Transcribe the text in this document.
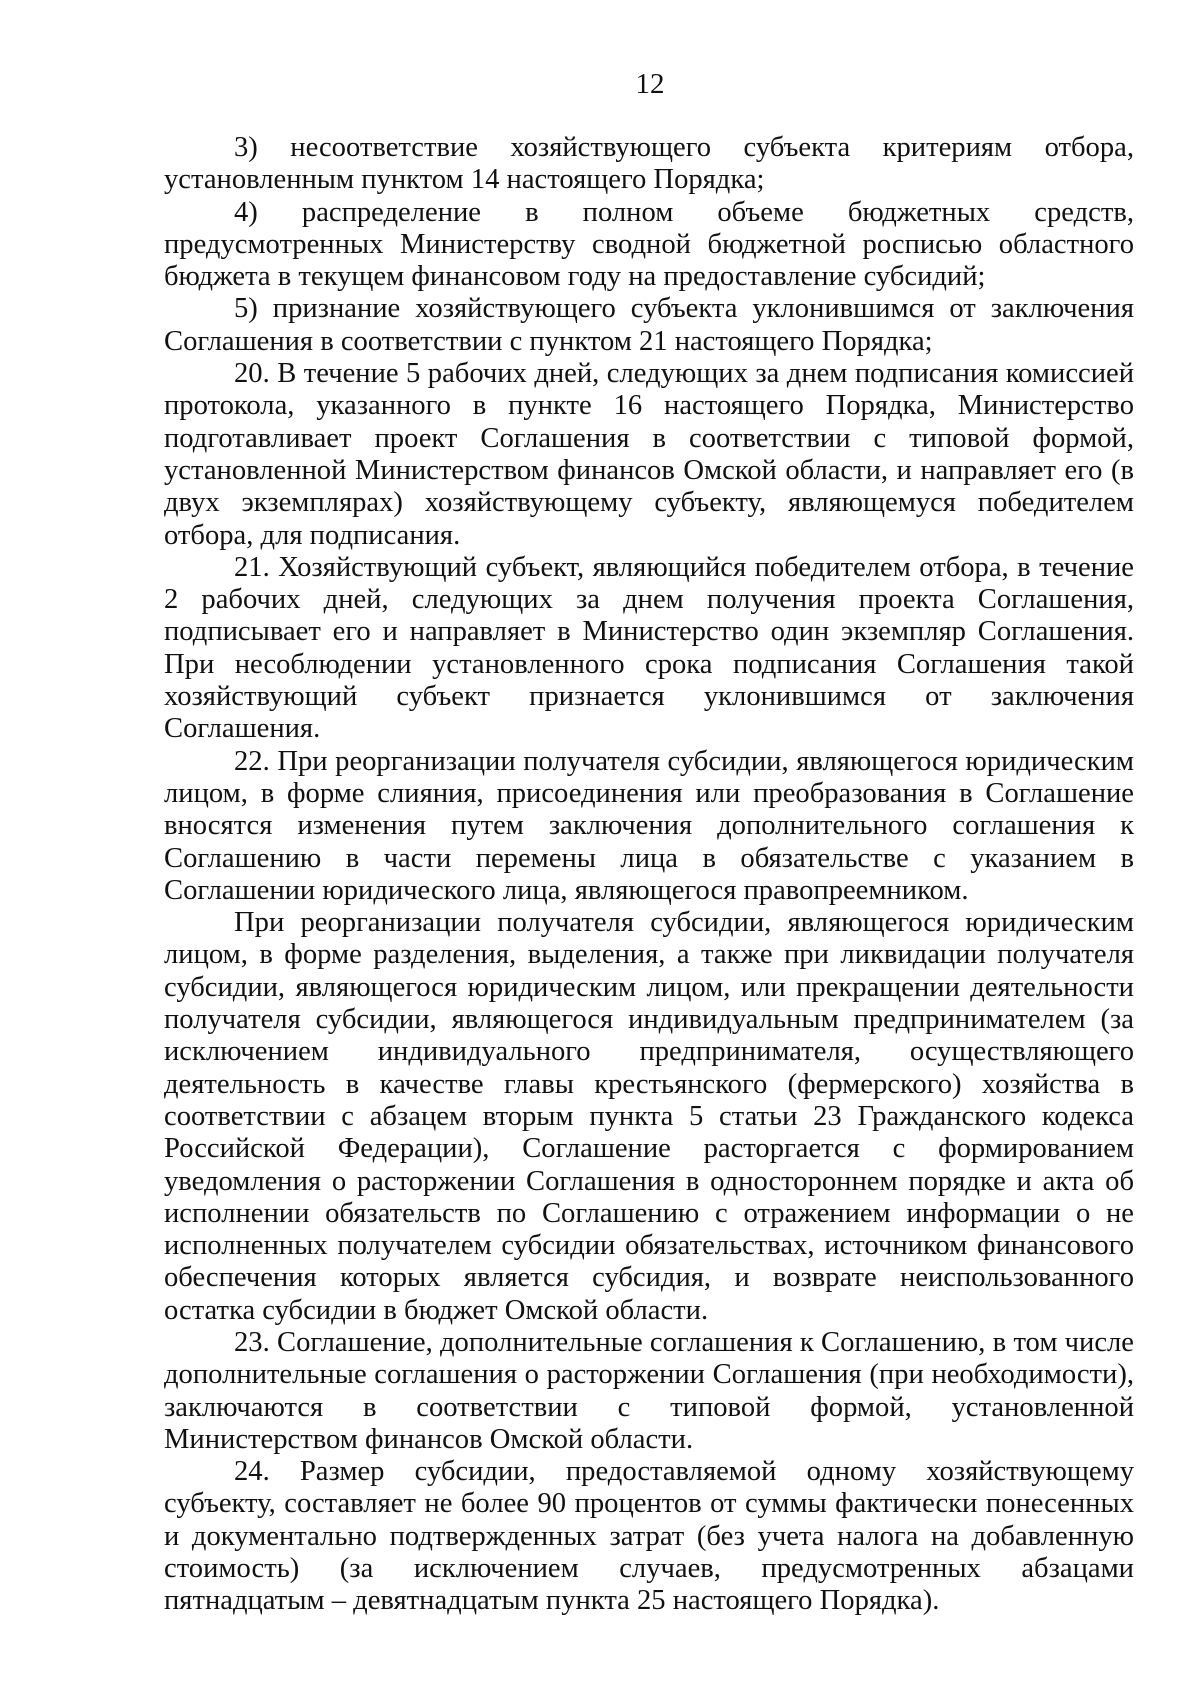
12

3) несоответствие хозяйствующего субъекта критериям отбора, установленным пунктом 14 настоящего Порядка;

4) распределение в полном объеме бюджетных средств, предусмотренных Министерству сводной бюджетной росписью областного бюджета в текущем финансовом году на предоставление субсидий;

5) признание хозяйствующего субъекта уклонившимся от заключения Соглашения в соответствии с пунктом 21 настоящего Порядка;

20. В течение 5 рабочих дней, следующих за днем подписания комиссией протокола, указанного в пункте 16 настоящего Порядка, Министерство подготавливает проект Соглашения в соответствии с типовой формой, установленной Министерством финансов Омской области, и направляет его (в двух экземплярах) хозяйствующему субъекту, являющемуся победителем отбора, для подписания.

21. Хозяйствующий субъект, являющийся победителем отбора, в течение 2 рабочих дней, следующих за днем получения проекта Соглашения, подписывает его и направляет в Министерство один экземпляр Соглашения. При несоблюдении установленного срока подписания Соглашения такой хозяйствующий субъект признается уклонившимся от заключения Соглашения.

22. При реорганизации получателя субсидии, являющегося юридическим лицом, в форме слияния, присоединения или преобразования в Соглашение вносятся изменения путем заключения дополнительного соглашения к Соглашению в части перемены лица в обязательстве с указанием в Соглашении юридического лица, являющегося правопреемником.

При реорганизации получателя субсидии, являющегося юридическим лицом, в форме разделения, выделения, а также при ликвидации получателя субсидии, являющегося юридическим лицом, или прекращении деятельности получателя субсидии, являющегося индивидуальным предпринимателем (за исключением индивидуального предпринимателя, осуществляющего деятельность в качестве главы крестьянского (фермерского) хозяйства в соответствии с абзацем вторым пункта 5 статьи 23 Гражданского кодекса Российской Федерации), Соглашение расторгается с формированием уведомления о расторжении Соглашения в одностороннем порядке и акта об исполнении обязательств по Соглашению с отражением информации о не исполненных получателем субсидии обязательствах, источником финансового обеспечения которых является субсидия, и возврате неиспользованного остатка субсидии в бюджет Омской области.

23. Соглашение, дополнительные соглашения к Соглашению, в том числе дополнительные соглашения о расторжении Соглашения (при необходимости), заключаются в соответствии с типовой формой, установленной Министерством финансов Омской области.

24. Размер субсидии, предоставляемой одному хозяйствующему субъекту, составляет не более 90 процентов от суммы фактически понесенных и документально подтвержденных затрат (без учета налога на добавленную стоимость) (за исключением случаев, предусмотренных абзацами пятнадцатым – девятнадцатым пункта 25 настоящего Порядка).
